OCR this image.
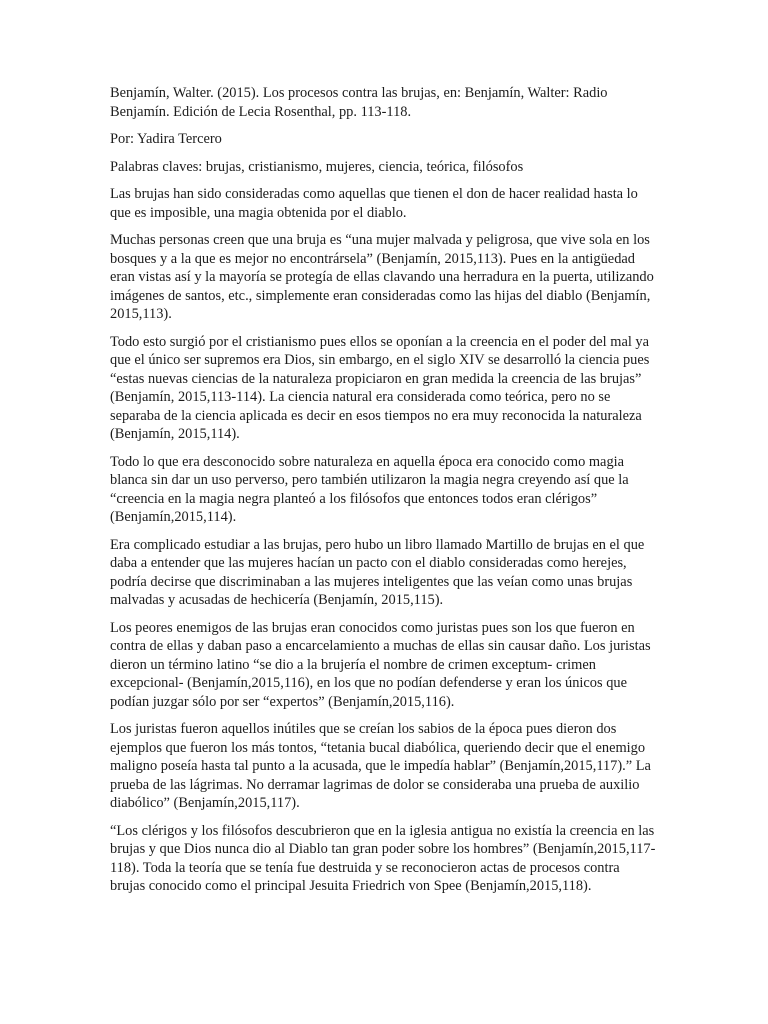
Benjamín, Walter. (2015). Los procesos contra las brujas, en: Benjamín, Walter: Radio Benjamín. Edición de Lecia Rosenthal, pp. 113-118.

Por: Yadira Tercero

Palabras claves: brujas, cristianismo, mujeres, ciencia, teórica, filósofos

Las brujas han sido consideradas como aquellas que tienen el don de hacer realidad hasta lo que es imposible, una magia obtenida por el diablo.

Muchas personas creen que una bruja es “una mujer malvada y peligrosa, que vive sola en los bosques y a la que es mejor no encontrársela” (Benjamín, 2015,113). Pues en la antigüedad eran vistas así y la mayoría se protegía de ellas clavando una herradura en la puerta, utilizando imágenes de santos, etc., simplemente eran consideradas como las hijas del diablo (Benjamín, 2015,113).

Todo esto surgió por el cristianismo pues ellos se oponían a la creencia en el poder del mal ya que el único ser supremos era Dios, sin embargo, en el siglo XIV se desarrolló la ciencia pues “estas nuevas ciencias de la naturaleza propiciaron en gran medida la creencia de las brujas” (Benjamín, 2015,113-114). La ciencia natural era considerada como teórica, pero no se separaba de la ciencia aplicada es decir en esos tiempos no era muy reconocida la naturaleza (Benjamín, 2015,114).

Todo lo que era desconocido sobre naturaleza en aquella época era conocido como magia blanca sin dar un uso perverso, pero también utilizaron la magia negra creyendo así que la “creencia en la magia negra planteó a los filósofos que entonces todos eran clérigos” (Benjamín,2015,114).

Era complicado estudiar a las brujas, pero hubo un libro llamado Martillo de brujas en el que daba a entender que las mujeres hacían un pacto con el diablo consideradas como herejes, podría decirse que discriminaban a las mujeres inteligentes que las veían como unas brujas malvadas y acusadas de hechicería (Benjamín, 2015,115).

Los peores enemigos de las brujas eran conocidos como juristas pues son los que fueron en contra de ellas y daban paso a encarcelamiento a muchas de ellas sin causar daño. Los juristas dieron un término latino “se dio a la brujería el nombre de crimen exceptum- crimen excepcional- (Benjamín,2015,116), en los que no podían defenderse y eran los únicos que podían juzgar sólo por ser “expertos” (Benjamín,2015,116).

Los juristas fueron aquellos inútiles que se creían los sabios de la época pues dieron dos ejemplos que fueron los más tontos, “tetania bucal diabólica, queriendo decir que el enemigo maligno poseía hasta tal punto a la acusada, que le impedía hablar” (Benjamín,2015,117).” La prueba de las lágrimas. No derramar lagrimas de dolor se consideraba una prueba de auxilio diabólico” (Benjamín,2015,117).

“Los clérigos y los filósofos descubrieron que en la iglesia antigua no existía la creencia en las brujas y que Dios nunca dio al Diablo tan gran poder sobre los hombres” (Benjamín,2015,117-118). Toda la teoría que se tenía fue destruida y se reconocieron actas de procesos contra brujas conocido como el principal Jesuita Friedrich von Spee (Benjamín,2015,118).
